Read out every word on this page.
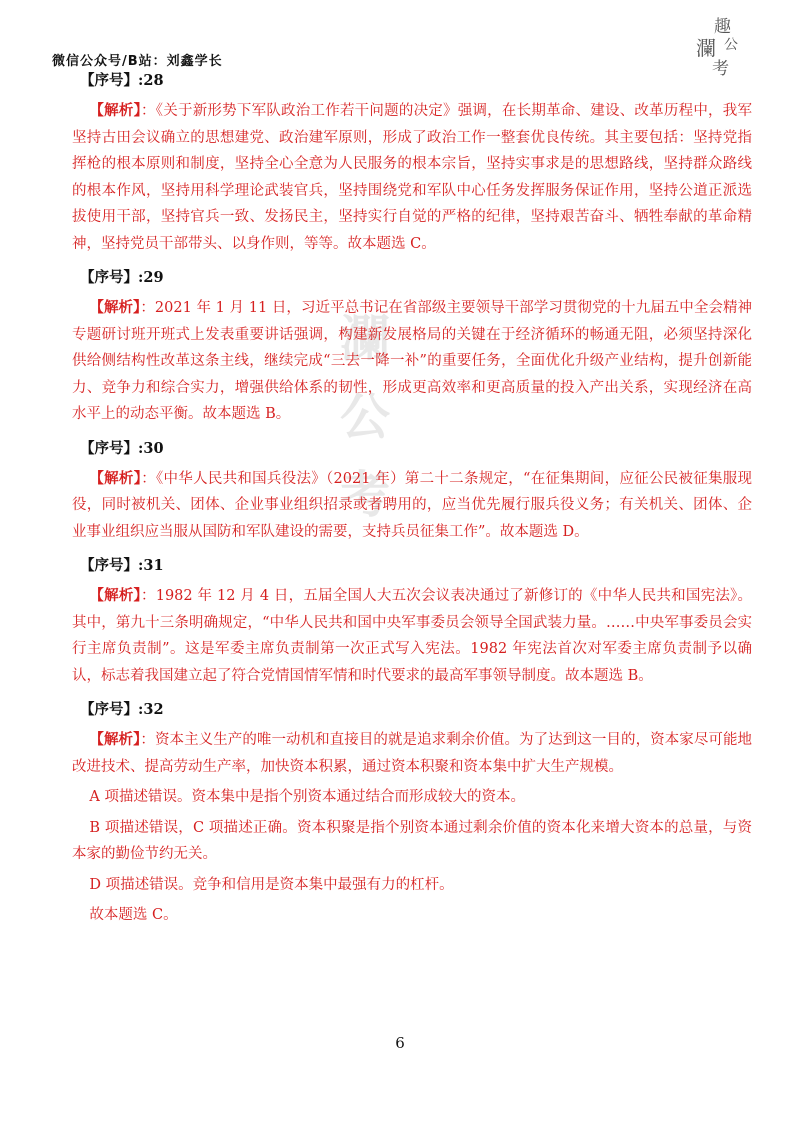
微信公众号/B站：刘鑫学长
趣
瀾 公
考
瀾
公
考
【序号】:28

【解析】：《关于新形势下军队政治工作若干问题的决定》强调，在长期革命、建设、改革历程中，我军坚持古田会议确立的思想建党、政治建军原则，形成了政治工作一整套优良传统。其主要包括：坚持党指挥枪的根本原则和制度，坚持全心全意为人民服务的根本宗旨，坚持实事求是的思想路线，坚持群众路线的根本作风，坚持用科学理论武装官兵，坚持围绕党和军队中心任务发挥服务保证作用，坚持公道正派选拔使用干部，坚持官兵一致、发扬民主，坚持实行自觉的严格的纪律，坚持艰苦奋斗、牺牲奉献的革命精神，坚持党员干部带头、以身作则，等等。故本题选 C。

【序号】:29

【解析】：2021 年 1 月 11 日，习近平总书记在省部级主要领导干部学习贯彻党的十九届五中全会精神专题研讨班开班式上发表重要讲话强调，构建新发展格局的关键在于经济循环的畅通无阻，必须坚持深化供给侧结构性改革这条主线，继续完成“三去一降一补”的重要任务，全面优化升级产业结构，提升创新能力、竞争力和综合实力，增强供给体系的韧性，形成更高效率和更高质量的投入产出关系，实现经济在高水平上的动态平衡。故本题选 B。

【序号】:30

【解析】：《中华人民共和国兵役法》（2021 年）第二十二条规定，“在征集期间，应征公民被征集服现役，同时被机关、团体、企业事业组织招录或者聘用的，应当优先履行服兵役义务；有关机关、团体、企业事业组织应当服从国防和军队建设的需要，支持兵员征集工作”。故本题选 D。

【序号】:31

【解析】：1982 年 12 月 4 日，五届全国人大五次会议表决通过了新修订的《中华人民共和国宪法》。其中，第九十三条明确规定，“中华人民共和国中央军事委员会领导全国武装力量。……中央军事委员会实行主席负责制”。这是军委主席负责制第一次正式写入宪法。1982 年宪法首次对军委主席负责制予以确认，标志着我国建立起了符合党情国情军情和时代要求的最高军事领导制度。故本题选 B。

【序号】:32

【解析】：资本主义生产的唯一动机和直接目的就是追求剩余价值。为了达到这一目的，资本家尽可能地改进技术、提高劳动生产率，加快资本积累，通过资本积聚和资本集中扩大生产规模。

A 项描述错误。资本集中是指个别资本通过结合而形成较大的资本。

B 项描述错误，C 项描述正确。资本积聚是指个别资本通过剩余价值的资本化来增大资本的总量，与资本家的勤俭节约无关。

D 项描述错误。竞争和信用是资本集中最强有力的杠杆。

故本题选 C。

6
